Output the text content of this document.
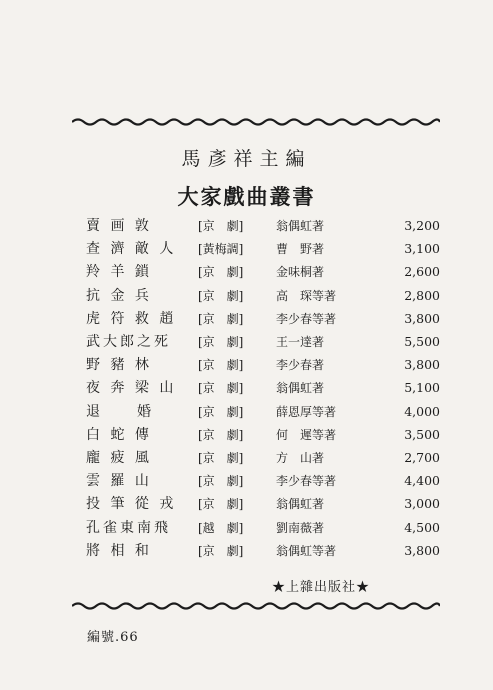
馬彥祥主編
大家戲曲叢書
賣 画 敦	[京　劇]	翁偶虹著	3,200
查 濟 敵 人 [黃梅調]	曹　野著	3,100
羚 羊 鎖	[京　劇]	金味桐著	2,600
抗 金 兵	[京　劇]	高　琛等著	2,800
虎 符 救 趙 [京　劇]	李少春等著	3,800
武大郎之死 [京　劇]	王一達著	5,500
野 豬 林	[京　劇]	李少春著	3,800
夜 奔 梁 山 [京　劇]	翁偶虹著	5,100
退　　婚	[京　劇]	薛恩厚等著	4,000
白 蛇 傳	[京　劇]	何　遲等著	3,500
龐 疲 風	[京　劇]	方　山著	2,700
雲 羅 山	[京　劇]	李少春等著	4,400
投 筆 從 戎 [京　劇]	翁偶虹著	3,000
孔雀東南飛 [越　劇]	劉南薇著	4,500
將 相 和	[京　劇]	翁偶虹等著	3,800
★上雜出版社★
編號.66
